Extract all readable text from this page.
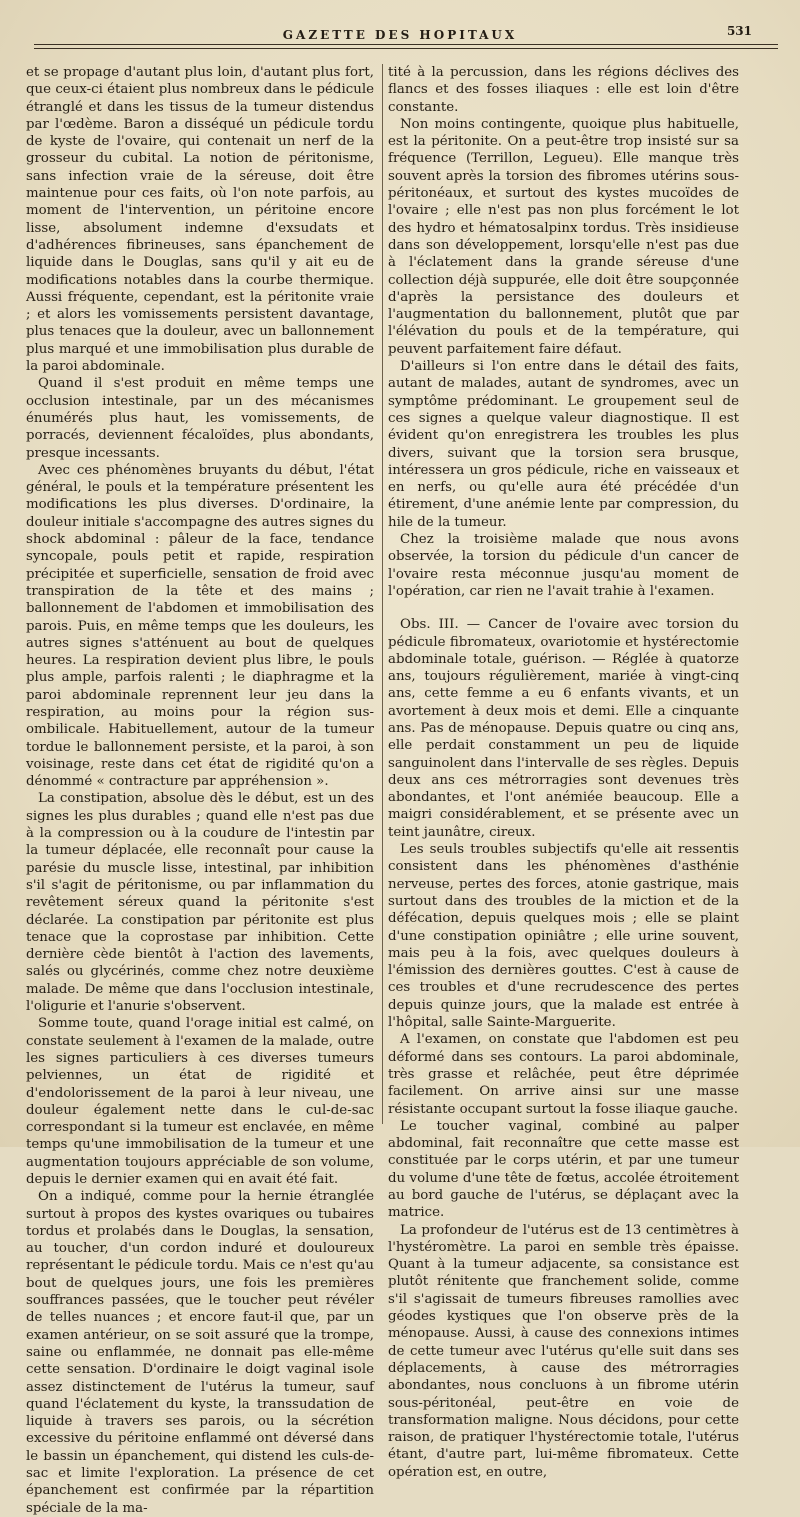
GAZETTE DES HOPITAUX	531

et se propage d'autant plus loin, d'autant plus fort, que ceux-ci étaient plus nombreux dans le pédicule étranglé et dans les tissus de la tumeur distendus par l'œdème. Baron a disséqué un pédicule tordu de kyste de l'ovaire, qui contenait un nerf de la grosseur du cubital. La notion de péritonisme, sans infection vraie de la séreuse, doit être maintenue pour ces faits, où l'on note parfois, au moment de l'intervention, un péritoine encore lisse, absolument indemne d'exsudats et d'adhérences fibrineuses, sans épanchement de liquide dans le Douglas, sans qu'il y ait eu de modifications notables dans la courbe thermique. Aussi fréquente, cependant, est la péritonite vraie ; et alors les vomissements persistent davantage, plus tenaces que la douleur, avec un ballonnement plus marqué et une immobilisation plus durable de la paroi abdominale.

Quand il s'est produit en même temps une occlusion intestinale, par un des mécanismes énumérés plus haut, les vomissements, de porracés, deviennent fécaloïdes, plus abondants, presque incessants.

Avec ces phénomènes bruyants du début, l'état général, le pouls et la température présentent les modifications les plus diverses. D'ordinaire, la douleur initiale s'accompagne des autres signes du shock abdominal : pâleur de la face, tendance syncopale, pouls petit et rapide, respiration précipitée et superficielle, sensation de froid avec transpiration de la tête et des mains ; ballonnement de l'abdomen et immobilisation des parois. Puis, en même temps que les douleurs, les autres signes s'atténuent au bout de quelques heures. La respiration devient plus libre, le pouls plus ample, parfois ralenti ; le diaphragme et la paroi abdominale reprennent leur jeu dans la respiration, au moins pour la région sus-ombilicale. Habituellement, autour de la tumeur tordue le ballonnement persiste, et la paroi, à son voisinage, reste dans cet état de rigidité qu'on a dénommé « contracture par appréhension ».

La constipation, absolue dès le début, est un des signes les plus durables ; quand elle n'est pas due à la compression ou à la coudure de l'intestin par la tumeur déplacée, elle reconnaît pour cause la parésie du muscle lisse, intestinal, par inhibition s'il s'agit de péritonisme, ou par inflammation du revêtement séreux quand la péritonite s'est déclarée. La constipation par péritonite est plus tenace que la coprostase par inhibition. Cette dernière cède bientôt à l'action des lavements, salés ou glycérinés, comme chez notre deuxième malade. De même que dans l'occlusion intestinale, l'oligurie et l'anurie s'observent.

Somme toute, quand l'orage initial est calmé, on constate seulement à l'examen de la malade, outre les signes particuliers à ces diverses tumeurs pelviennes, un état de rigidité et d'endolorissement de la paroi à leur niveau, une douleur également nette dans le cul-de-sac correspondant si la tumeur est enclavée, en même temps qu'une immobilisation de la tumeur et une augmentation toujours appréciable de son volume, depuis le dernier examen qui en avait été fait.

On a indiqué, comme pour la hernie étranglée surtout à propos des kystes ovariques ou tubaires tordus et prolabés dans le Douglas, la sensation, au toucher, d'un cordon induré et douloureux représentant le pédicule tordu. Mais ce n'est qu'au bout de quelques jours, une fois les premières souffrances passées, que le toucher peut révéler de telles nuances ; et encore faut-il que, par un examen antérieur, on se soit assuré que la trompe, saine ou enflammée, ne donnait pas elle-même cette sensation. D'ordinaire le doigt vaginal isole assez distinctement de l'utérus la tumeur, sauf quand l'éclatement du kyste, la transsudation de liquide à travers ses parois, ou la sécrétion excessive du péritoine enflammé ont déversé dans le bassin un épanchement, qui distend les culs-de-sac et limite l'exploration. La présence de cet épanchement est confirmée par la répartition spéciale de la ma-

tité à la percussion, dans les régions déclives des flancs et des fosses iliaques : elle est loin d'être constante.

Non moins contingente, quoique plus habituelle, est la péritonite. On a peut-être trop insisté sur sa fréquence (Terrillon, Legueu). Elle manque très souvent après la torsion des fibromes utérins sous-péritonéaux, et surtout des kystes mucoïdes de l'ovaire ; elle n'est pas non plus forcément le lot des hydro et hématosalpinx tordus. Très insidieuse dans son développement, lorsqu'elle n'est pas due à l'éclatement dans la grande séreuse d'une collection déjà suppurée, elle doit être soupçonnée d'après la persistance des douleurs et l'augmentation du ballonnement, plutôt que par l'élévation du pouls et de la température, qui peuvent parfaitement faire défaut.

D'ailleurs si l'on entre dans le détail des faits, autant de malades, autant de syndromes, avec un symptôme prédominant. Le groupement seul de ces signes a quelque valeur diagnostique. Il est évident qu'on enregistrera les troubles les plus divers, suivant que la torsion sera brusque, intéressera un gros pédicule, riche en vaisseaux et en nerfs, ou qu'elle aura été précédée d'un étirement, d'une anémie lente par compression, du hile de la tumeur.

Chez la troisième malade que nous avons observée, la torsion du pédicule d'un cancer de l'ovaire resta méconnue jusqu'au moment de l'opération, car rien ne l'avait trahie à l'examen.

Obs. III. — Cancer de l'ovaire avec torsion du pédicule fibromateux, ovariotomie et hystérectomie abdominale totale, guérison. — Réglée à quatorze ans, toujours régulièrement, mariée à vingt-cinq ans, cette femme a eu 6 enfants vivants, et un avortement à deux mois et demi. Elle a cinquante ans. Pas de ménopause. Depuis quatre ou cinq ans, elle perdait constamment un peu de liquide sanguinolent dans l'intervalle de ses règles. Depuis deux ans ces métrorragies sont devenues très abondantes, et l'ont anémiée beaucoup. Elle a maigri considérablement, et se présente avec un teint jaunâtre, cireux.

Les seuls troubles subjectifs qu'elle ait ressentis consistent dans les phénomènes d'asthénie nerveuse, pertes des forces, atonie gastrique, mais surtout dans des troubles de la miction et de la défécation, depuis quelques mois ; elle se plaint d'une constipation opiniâtre ; elle urine souvent, mais peu à la fois, avec quelques douleurs à l'émission des dernières gouttes. C'est à cause de ces troubles et d'une recrudescence des pertes depuis quinze jours, que la malade est entrée à l'hôpital, salle Sainte-Marguerite.

A l'examen, on constate que l'abdomen est peu déformé dans ses contours. La paroi abdominale, très grasse et relâchée, peut être déprimée facilement. On arrive ainsi sur une masse résistante occupant surtout la fosse iliaque gauche.

Le toucher vaginal, combiné au palper abdominal, fait reconnaître que cette masse est constituée par le corps utérin, et par une tumeur du volume d'une tête de fœtus, accolée étroitement au bord gauche de l'utérus, se déplaçant avec la matrice.

La profondeur de l'utérus est de 13 centimètres à l'hystéromètre. La paroi en semble très épaisse. Quant à la tumeur adjacente, sa consistance est plutôt rénitente que franchement solide, comme s'il s'agissait de tumeurs fibreuses ramollies avec géodes kystiques que l'on observe près de la ménopause. Aussi, à cause des connexions intimes de cette tumeur avec l'utérus qu'elle suit dans ses déplacements, à cause des métrorragies abondantes, nous concluons à un fibrome utérin sous-péritonéal, peut-être en voie de transformation maligne. Nous décidons, pour cette raison, de pratiquer l'hystérectomie totale, l'utérus étant, d'autre part, lui-même fibromateux. Cette opération est, en outre,
